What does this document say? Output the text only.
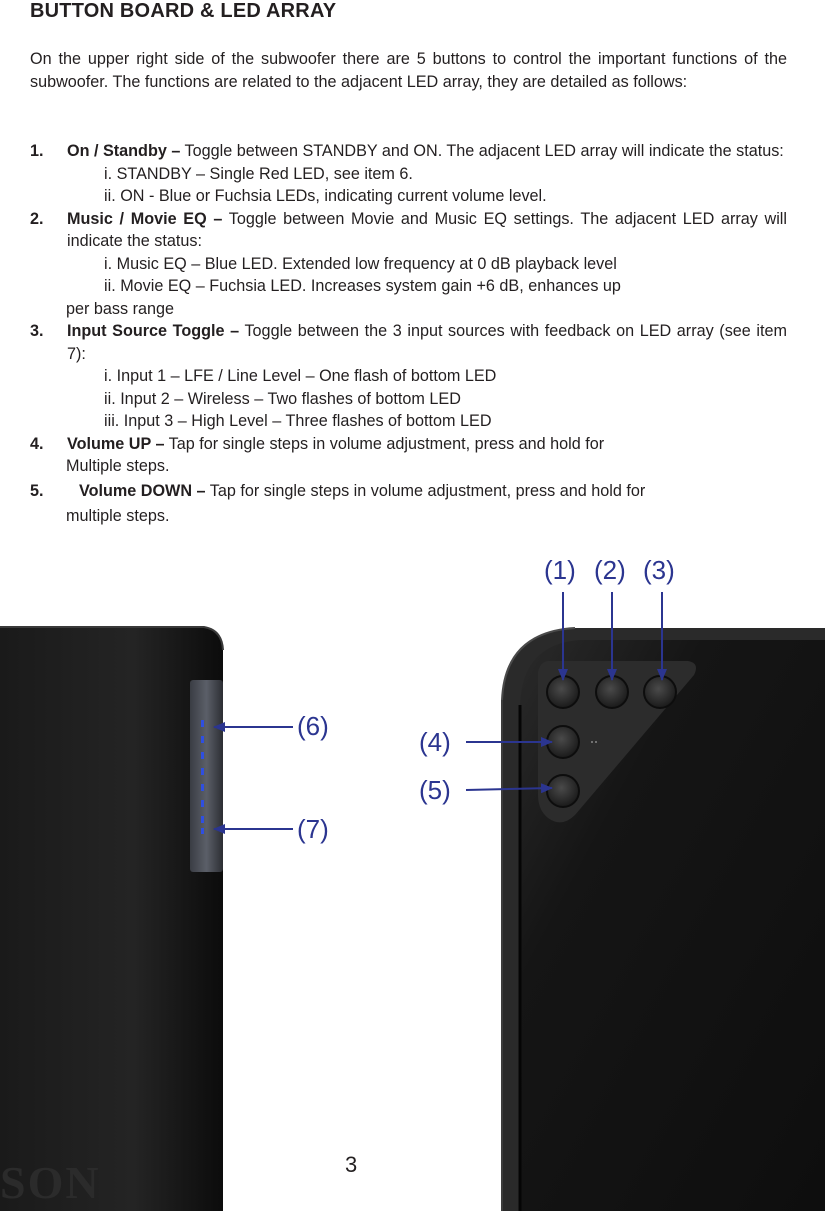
BUTTON BOARD & LED ARRAY
On the upper right side of the subwoofer there are 5 buttons to control the important functions of the subwoofer. The functions are related to the adjacent LED array, they are detailed as follows:
1. On / Standby – Toggle between STANDBY and ON. The adjacent LED array will indicate the status:
i. STANDBY – Single Red LED, see item 6.
ii. ON - Blue or Fuchsia LEDs, indicating current volume level.
2. Music / Movie EQ – Toggle between Movie and Music EQ settings. The adjacent LED array will indicate the status:
i. Music EQ – Blue LED. Extended low frequency at 0 dB playback level
ii. Movie EQ – Fuchsia LED. Increases system gain +6 dB, enhances up
per bass range
3. Input Source Toggle – Toggle between the 3 input sources with feedback on LED array (see item 7):
i. Input 1 – LFE / Line Level – One flash of bottom LED
ii. Input 2 – Wireless – Two flashes of bottom LED
iii. Input 3 – High Level – Three flashes of bottom LED
4. Volume UP – Tap for single steps in volume adjustment, press and hold for
Multiple steps.
5. Volume DOWN – Tap for single steps in volume adjustment, press and hold for
multiple steps.
SON
(1) (2) (3)
(4)
(5)
(6)
(7)
3
